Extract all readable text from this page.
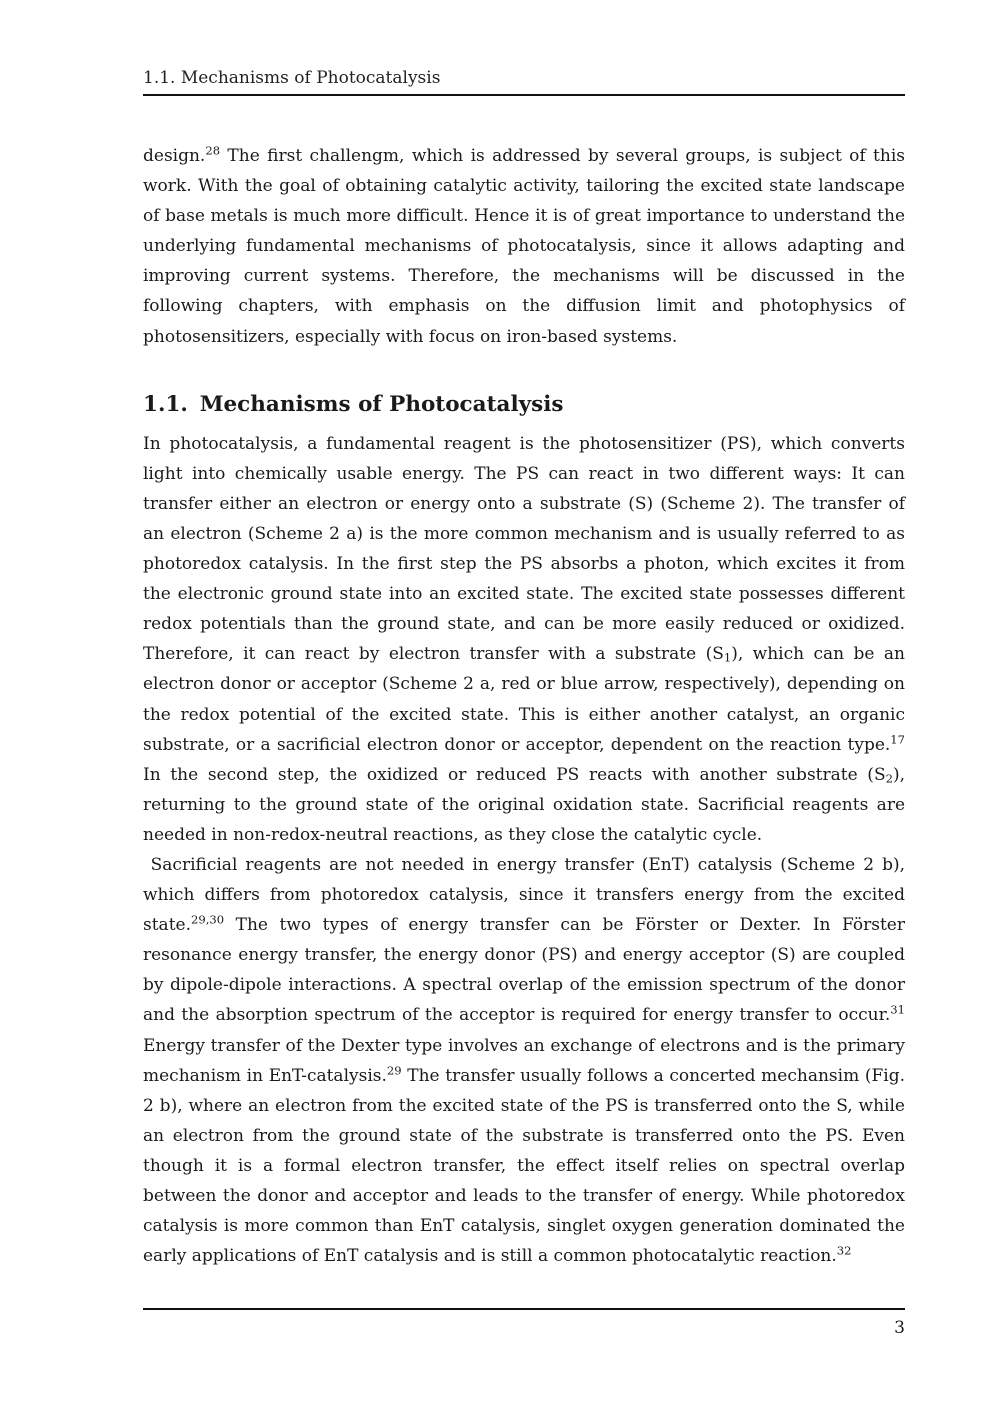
1.1. Mechanisms of Photocatalysis

design.$^{28}$ The first challengm, which is addressed by several groups, is subject of this work. With the goal of obtaining catalytic activity, tailoring the excited state landscape of base metals is much more difficult. Hence it is of great importance to understand the underlying fundamental mechanisms of photocatalysis, since it allows adapting and improving current systems. Therefore, the mechanisms will be discussed in the following chapters, with emphasis on the diffusion limit and photophysics of photosensitizers, especially with focus on iron-based systems.

1.1. Mechanisms of Photocatalysis

In photocatalysis, a fundamental reagent is the photosensitizer (PS), which converts light into chemically usable energy. The PS can react in two different ways: It can transfer either an electron or energy onto a substrate (S) (Scheme 2). The transfer of an electron (Scheme 2 a) is the more common mechanism and is usually referred to as photoredox catalysis. In the first step the PS absorbs a photon, which excites it from the electronic ground state into an excited state. The excited state possesses different redox potentials than the ground state, and can be more easily reduced or oxidized. Therefore, it can react by electron transfer with a substrate $(S_1)$, which can be an electron donor or acceptor (Scheme 2 a, red or blue arrow, respectively), depending on the redox potential of the excited state. This is either another catalyst, an organic substrate, or a sacrificial electron donor or acceptor, dependent on the reaction type.$^{17}$ In the second step, the oxidized or reduced PS reacts with another substrate $(S_2)$, returning to the ground state of the original oxidation state. Sacrificial reagents are needed in non-redox-neutral reactions, as they close the catalytic cycle.

Sacrificial reagents are not needed in energy transfer (EnT) catalysis (Scheme 2 b), which differs from photoredox catalysis, since it transfers energy from the excited state.$^{29,30}$ The two types of energy transfer can be Förster or Dexter. In Förster resonance energy transfer, the energy donor (PS) and energy acceptor (S) are coupled by dipole-dipole interactions. A spectral overlap of the emission spectrum of the donor and the absorption spectrum of the acceptor is required for energy transfer to occur.$^{31}$ Energy transfer of the Dexter type involves an exchange of electrons and is the primary mechanism in EnT-catalysis.$^{29}$ The transfer usually follows a concerted mechansim (Fig. 2 b), where an electron from the excited state of the PS is transferred onto the S, while an electron from the ground state of the substrate is transferred onto the PS. Even though it is a formal electron transfer, the effect itself relies on spectral overlap between the donor and acceptor and leads to the transfer of energy. While photoredox catalysis is more common than EnT catalysis, singlet oxygen generation dominated the early applications of EnT catalysis and is still a common photocatalytic reaction.$^{32}$

3
